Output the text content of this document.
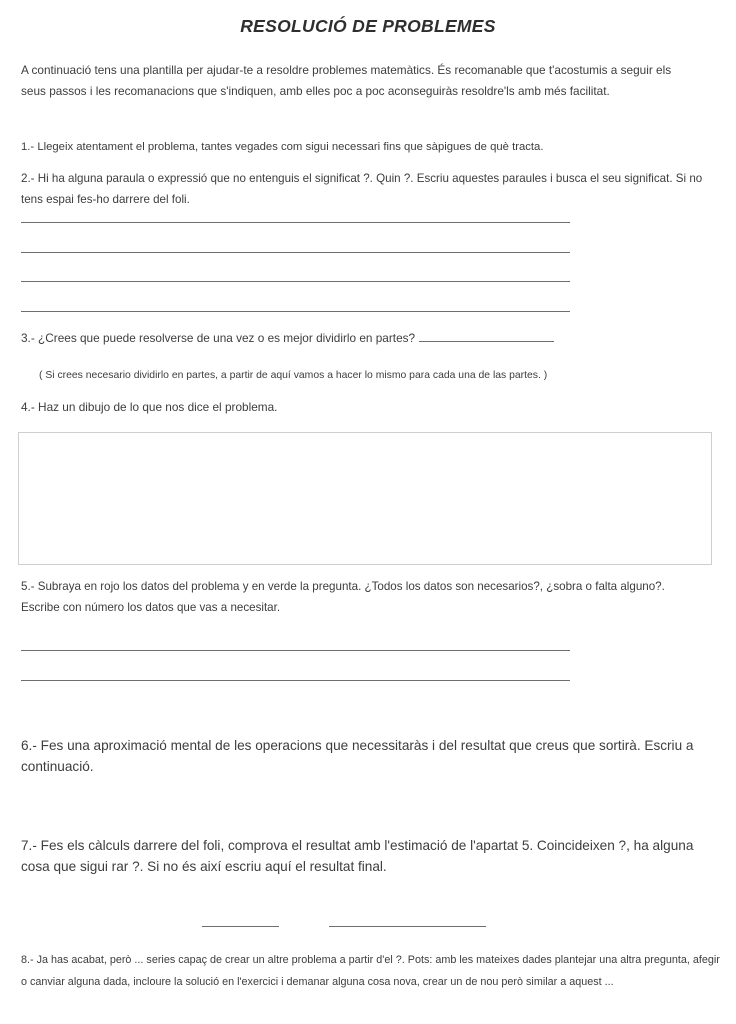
RESOLUCIÓ DE PROBLEMES

A continuació tens una plantilla per ajudar-te a resoldre problemes matemàtics. És recomanable que t'acostumis a seguir els seus passos i les recomanacions que s'indiquen, amb elles poc a poc aconseguiràs resoldre'ls amb més facilitat.

1.- Llegeix atentament el problema, tantes vegades com sigui necessari fins que sàpigues de què tracta.

2.- Hi ha alguna paraula o expressió que no entenguis el significat ?. Quin ?. Escriu aquestes paraules i busca el seu significat. Si no tens espai fes-ho darrere del foli.

3.- ¿Crees que puede resolverse de una vez o es mejor dividirlo en partes?

( Si crees necesario dividirlo en partes, a partir de aquí vamos a hacer lo mismo para cada una de las partes. )

4.- Haz un dibujo de lo que nos dice el problema.

5.- Subraya en rojo los datos del problema y en verde la pregunta. ¿Todos los datos son necesarios?, ¿sobra o falta alguno?. Escribe con número los datos que vas a necesitar.

6.- Fes una aproximació mental de les operacions que necessitaràs i del resultat que creus que sortirà. Escriu a continuació.

7.- Fes els càlculs darrere del foli, comprova el resultat amb l'estimació de l'apartat 5. Coincideixen ?, ha alguna cosa que sigui rar ?. Si no és així escriu aquí el resultat final.

8.- Ja has acabat, però ... series capaç de crear un altre problema a partir d'el ?. Pots: amb les mateixes dades plantejar una altra pregunta, afegir o canviar alguna dada, incloure la solució en l'exercici i demanar alguna cosa nova, crear un de nou però similar a aquest ...
